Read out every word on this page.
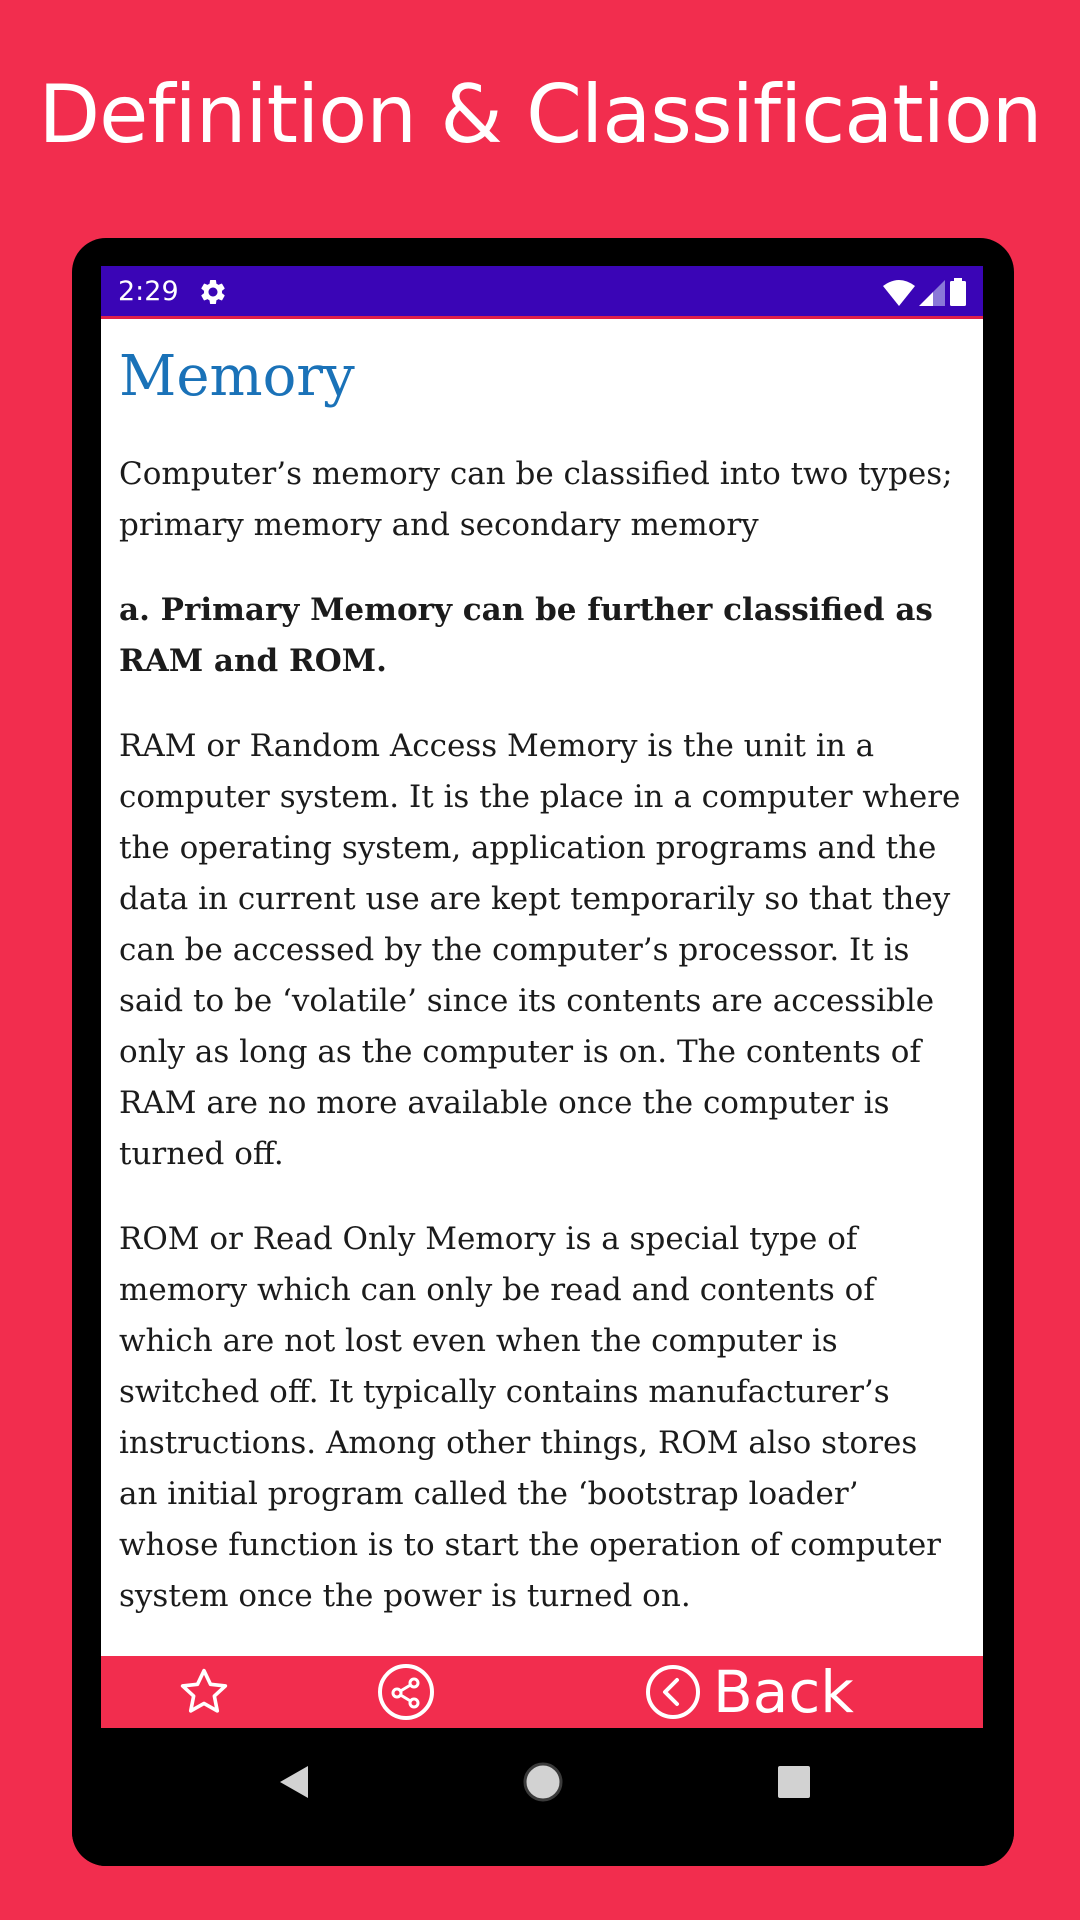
Definition & Classification
2:29
Memory

Computer’s memory can be classified into two types; primary memory and secondary memory

a. Primary Memory can be further classified as RAM and ROM.

RAM or Random Access Memory is the unit in a computer system. It is the place in a computer where the operating system, application programs and the data in current use are kept temporarily so that they can be accessed by the computer’s processor. It is said to be ‘volatile’ since its contents are accessible only as long as the computer is on. The contents of RAM are no more available once the computer is turned off.

ROM or Read Only Memory is a special type of memory which can only be read and contents of which are not lost even when the computer is switched off. It typically contains manufacturer’s instructions. Among other things, ROM also stores an initial program called the ‘bootstrap loader’ whose function is to start the operation of computer system once the power is turned on.

Back
